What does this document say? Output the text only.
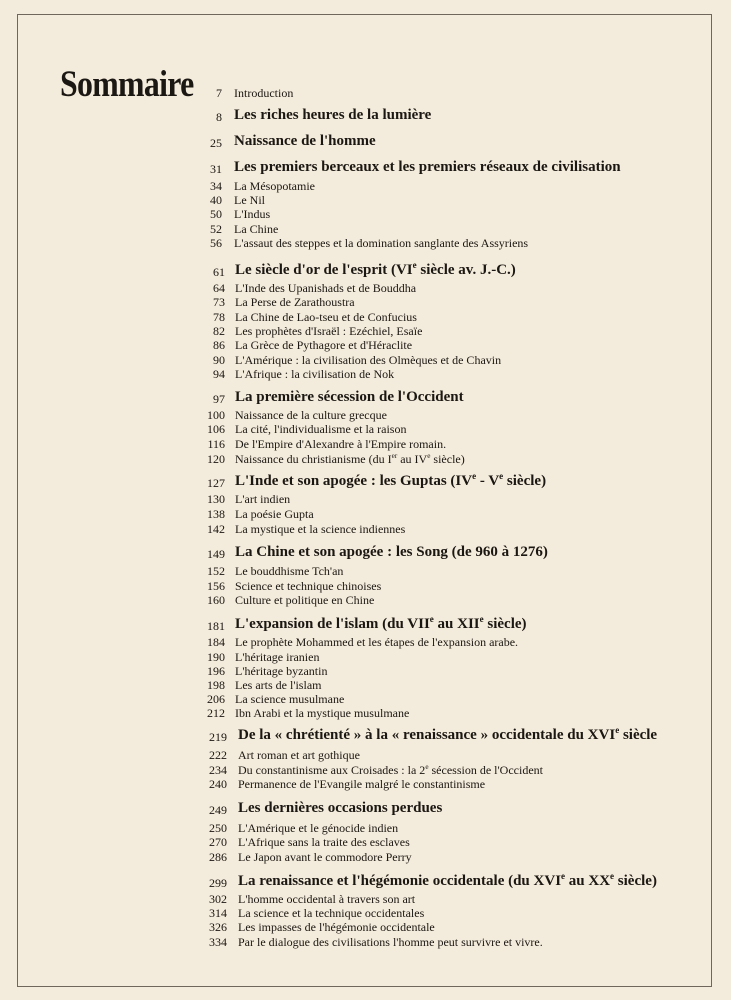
Sommaire	7 Introduction
8 Les riches heures de la lumière
25 Naissance de l'homme
31 Les premiers berceaux et les premiers réseaux de civilisation
34 La Mésopotamie
40 Le Nil
50 L'Indus
52 La Chine
56 L'assaut des steppes et la domination sanglante des Assyriens
61 Le siècle d'or de l'esprit (VIe siècle av. J.-C.)
64 L'Inde des Upanishads et de Bouddha
73 La Perse de Zarathoustra
78 La Chine de Lao-tseu et de Confucius
82 Les prophètes d'Israël : Ezéchiel, Esaïe
86 La Grèce de Pythagore et d'Héraclite
90 L'Amérique : la civilisation des Olmèques et de Chavin
94 L'Afrique : la civilisation de Nok
97 La première sécession de l'Occident
100 Naissance de la culture grecque
106 La cité, l'individualisme et la raison
116 De l'Empire d'Alexandre à l'Empire romain.
120 Naissance du christianisme (du Ier au IVe siècle)
127 L'Inde et son apogée : les Guptas (IVe - Ve siècle)
130 L'art indien
138 La poésie Gupta
142 La mystique et la science indiennes
149 La Chine et son apogée : les Song (de 960 à 1276)
152 Le bouddhisme Tch'an
156 Science et technique chinoises
160 Culture et politique en Chine
181 L'expansion de l'islam (du VIIe au XIIe siècle)
184 Le prophète Mohammed et les étapes de l'expansion arabe.
190 L'héritage iranien
196 L'héritage byzantin
198 Les arts de l'islam
206 La science musulmane
212 Ibn Arabi et la mystique musulmane
219 De la « chrétienté » à la « renaissance » occidentale du XVIe siècle
222 Art roman et art gothique
234 Du constantinisme aux Croisades : la 2e sécession de l'Occident
240 Permanence de l'Evangile malgré le constantinisme
249 Les dernières occasions perdues
250 L'Amérique et le génocide indien
270 L'Afrique sans la traite des esclaves
286 Le Japon avant le commodore Perry
299 La renaissance et l'hégémonie occidentale (du XVIe au XXe siècle)
302 L'homme occidental à travers son art
314 La science et la technique occidentales
326 Les impasses de l'hégémonie occidentale
334 Par le dialogue des civilisations l'homme peut survivre et vivre.
